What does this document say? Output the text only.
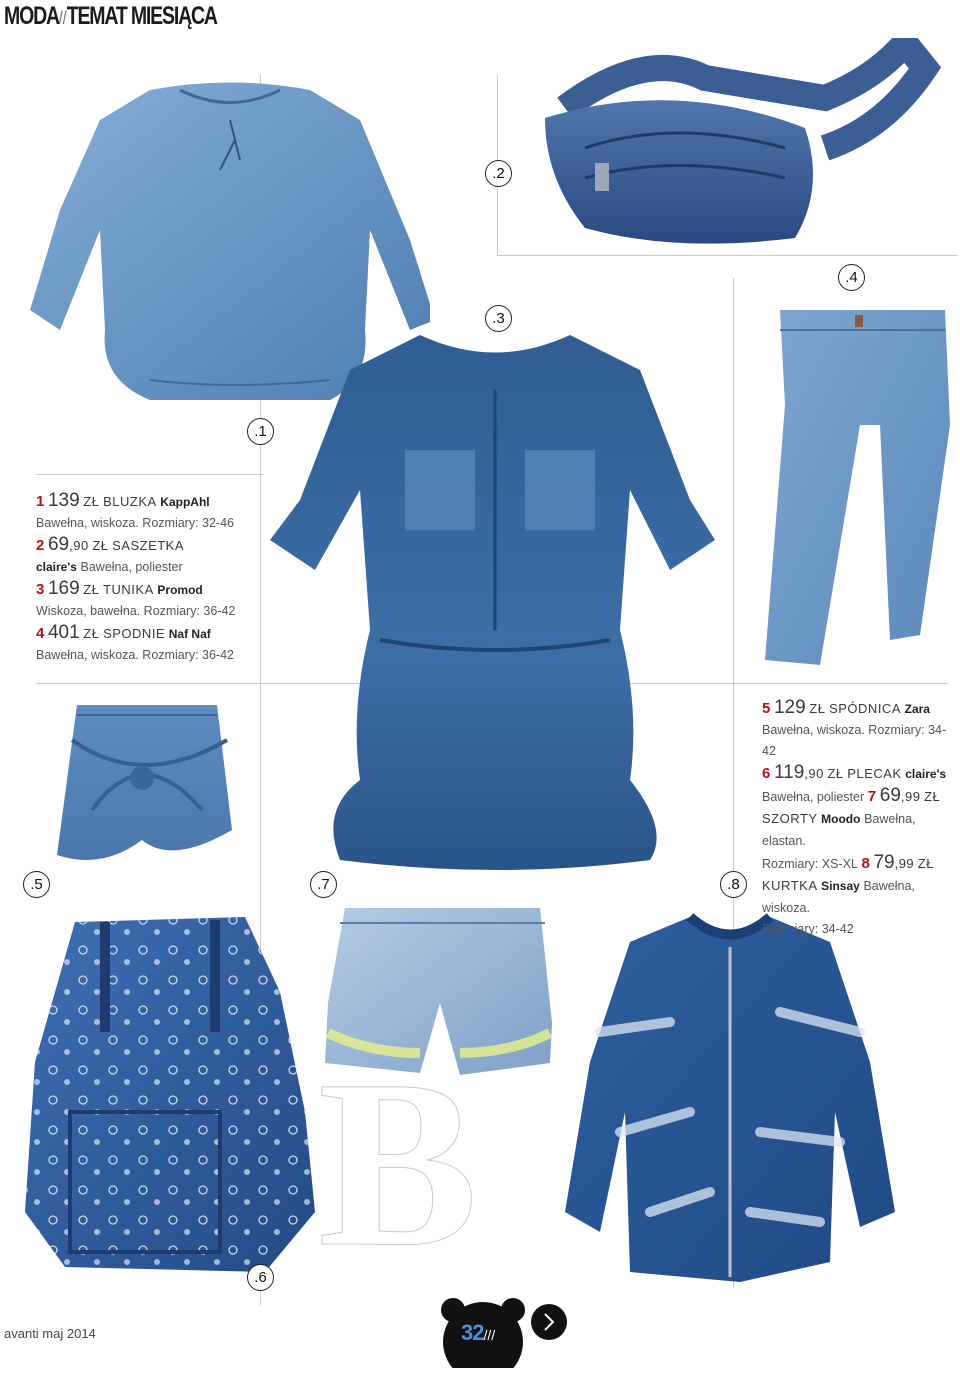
MODA//TEMAT MIESIĄCA
B
.1
.2
.3
.4
.5
.6
.7	.8
1 139 ZŁ BLUZKA KappAhl
Bawełna, wiskoza. Rozmiary: 32-46
2 69,90 ZŁ SASZETKA
claire's Bawełna, poliester
3 169 ZŁ TUNIKA Promod
Wiskoza, bawełna. Rozmiary: 36-42
4 401 ZŁ SPODNIE Naf Naf
Bawełna, wiskoza. Rozmiary: 36-42
5 129 ZŁ SPÓDNICA Zara
Bawełna, wiskoza. Rozmiary: 34-42
6 119,90 ZŁ PLECAK claire's
Bawełna, poliester 7 69,99 ZŁ
SZORTY Moodo Bawełna, elastan.
Rozmiary: XS-XL 8 79,99 ZŁ
KURTKA Sinsay Bawełna, wiskoza.
Rozmiary: 34-42
avanti maj 2014	32///
